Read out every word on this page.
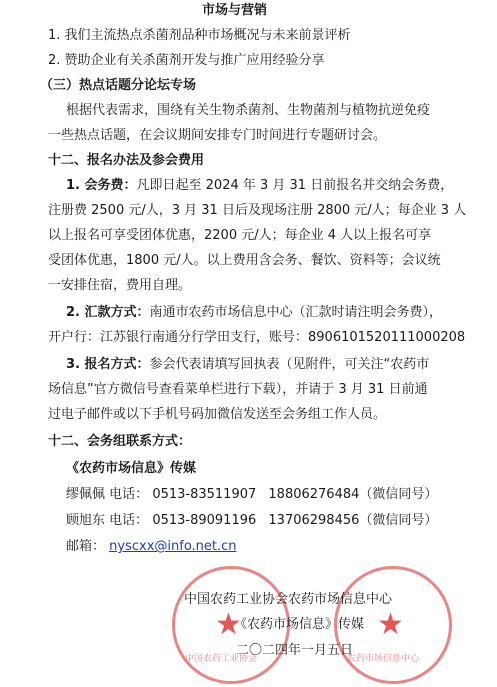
市场与营销
1. 我们主流热点杀菌剂品种市场概况与未来前景评析
2. 赞助企业有关杀菌剂开发与推广应用经验分享
（三）热点话题分论坛专场
根据代表需求，围绕有关生物杀菌剂、生物菌剂与植物抗逆免疫
一些热点话题，在会议期间安排专门时间进行专题研讨会。
十二、报名办法及参会费用
1. 会务费：凡即日起至 2024 年 3 月 31 日前报名并交纳会务费，
注册费 2500 元/人，3 月 31 日后及现场注册 2800 元/人；每企业 3 人
以上报名可享受团体优惠，2200 元/人；每企业 4 人以上报名可享
受团体优惠，1800 元/人。以上费用含会务、餐饮、资料等；会议统
一安排住宿，费用自理。
2. 汇款方式：南通市农药市场信息中心（汇款时请注明会务费），
开户行：江苏银行南通分行学田支行，账号：8906101520111000208
3. 报名方式：参会代表请填写回执表（见附件，可关注“农药市
场信息”官方微信号查看菜单栏进行下载），并请于 3 月 31 日前通
过电子邮件或以下手机号码加微信发送至会务组工作人员。
十二、会务组联系方式：
《农药市场信息》传媒
缪佩佩 电话： 0513-83511907 18806276484（微信同号）
顾旭东 电话： 0513-89091196 13706298456（微信同号）
邮箱： nyscxx@info.net.cn
★
中国农药工业协会
★
农药市场信息中心
中国农药工业协会农药市场信息中心
《农药市场信息》传媒
二〇二四年一月五日
